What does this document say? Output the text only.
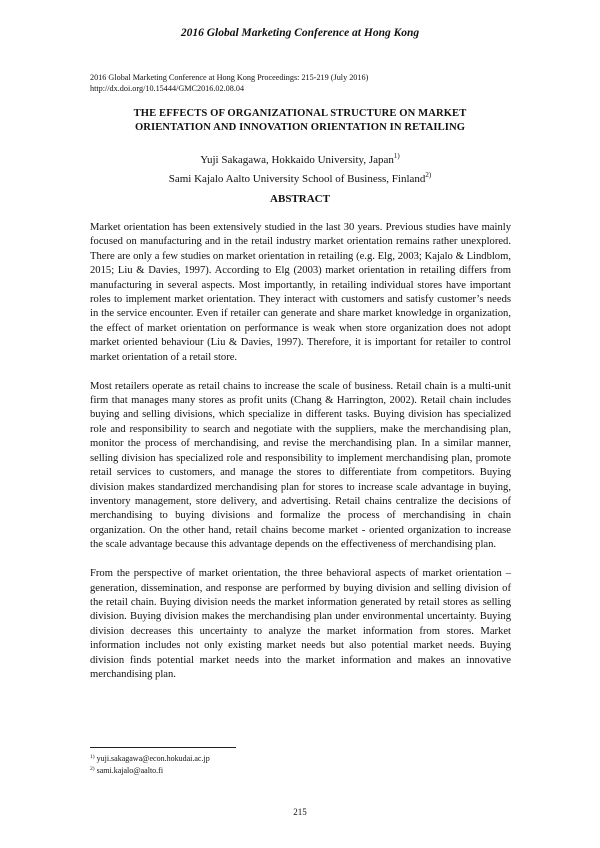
2016 Global Marketing Conference at Hong Kong
2016 Global Marketing Conference at Hong Kong Proceedings: 215-219 (July 2016)
http://dx.doi.org/10.15444/GMC2016.02.08.04
THE EFFECTS OF ORGANIZATIONAL STRUCTURE ON MARKET
ORIENTATION AND INNOVATION ORIENTATION IN RETAILING
Yuji Sakagawa, Hokkaido University, Japan$^{1)}$
Sami Kajalo Aalto University School of Business, Finland$^{2)}$
ABSTRACT

Market orientation has been extensively studied in the last 30 years. Previous studies have mainly focused on manufacturing and in the retail industry market orientation remains rather unexplored. There are only a few studies on market orientation in retailing (e.g. Elg, 2003; Kajalo & Lindblom, 2015; Liu & Davies, 1997). According to Elg (2003) market orientation in retailing differs from manufacturing in several aspects. Most importantly, in retailing individual stores have important roles to implement market orientation. They interact with customers and satisfy customer’s needs in the service encounter. Even if retailer can generate and share market knowledge in organization, the effect of market orientation on performance is weak when store organization does not adopt market oriented behaviour (Liu & Davies, 1997). Therefore, it is important for retailer to control market orientation of a retail store.

Most retailers operate as retail chains to increase the scale of business. Retail chain is a multi-unit firm that manages many stores as profit units (Chang & Harrington, 2002). Retail chain includes buying and selling divisions, which specialize in different tasks. Buying division has specialized role and responsibility to search and negotiate with the suppliers, make the merchandising plan, monitor the process of merchandising, and revise the merchandising plan. In a similar manner, selling division has specialized role and responsibility to implement merchandising plan, promote retail services to customers, and manage the stores to differentiate from competitors. Buying division makes standardized merchandising plan for stores to increase scale advantage in buying, inventory management, store delivery, and advertising. Retail chains centralize the decisions of merchandising to buying divisions and formalize the process of merchandising in chain organization. On the other hand, retail chains become market - oriented organization to increase the scale advantage because this advantage depends on the effectiveness of merchandising plan.

From the perspective of market orientation, the three behavioral aspects of market orientation – generation, dissemination, and response are performed by buying division and selling division of the retail chain. Buying division needs the market information generated by retail stores as selling division. Buying division makes the merchandising plan under environmental uncertainty. Buying division decreases this uncertainty to analyze the market information from stores. Market information includes not only existing market needs but also potential market needs. Buying division finds potential market needs into the market information and makes an innovative merchandising plan.

$^{1)}$ yuji.sakagawa@econ.hokudai.ac.jp
$^{2)}$ sami.kajalo@aalto.fi
215
